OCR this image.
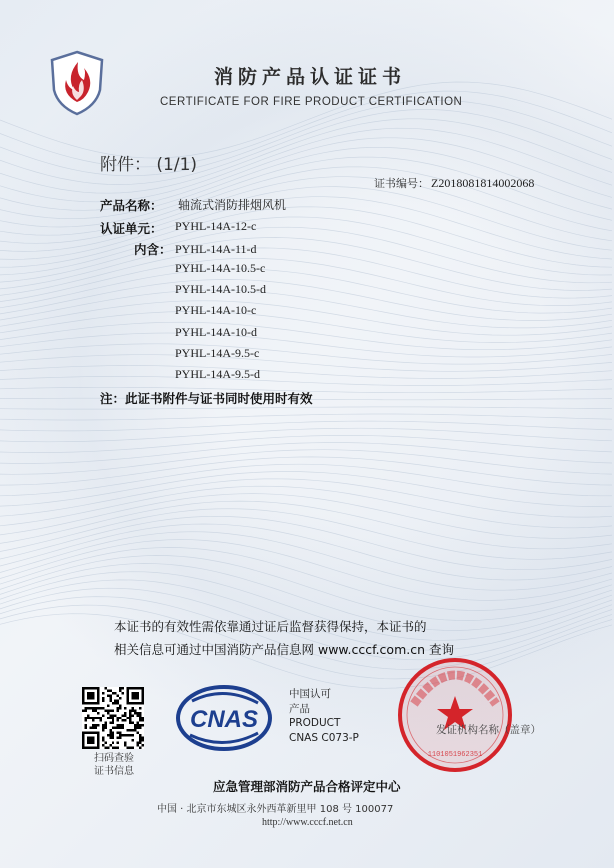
消防产品认证证书
CERTIFICATE FOR FIRE PRODUCT CERTIFICATION
附件： (1/1)
证书编号： Z2018081814002068
产品名称： 轴流式消防排烟风机
认证单元： PYHL-14A-12-c
内含： PYHL-14A-11-d
PYHL-14A-10.5-c
PYHL-14A-10.5-d
PYHL-14A-10-c
PYHL-14A-10-d
PYHL-14A-9.5-c
PYHL-14A-9.5-d
注：此证书附件与证书同时使用时有效
本证书的有效性需依靠通过证后监督获得保持，本证书的
相关信息可通过中国消防产品信息网 www.cccf.com.cn 查询
扫码查验
证书信息
CNAS
中国认可
产品
PRODUCT
CNAS C073-P
1101051962351
发证机构名称（盖章）
应急管理部消防产品合格评定中心
中国 · 北京市东城区永外西革新里甲 108 号 100077
http://www.cccf.net.cn
